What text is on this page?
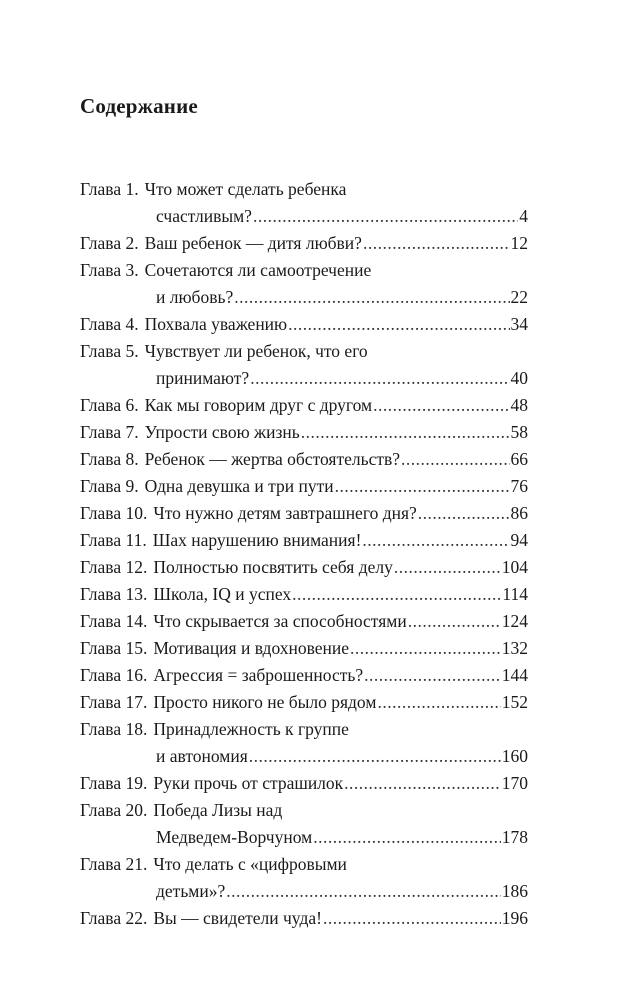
Содержание
Глава 1. Что может сделать ребенка
счастливым? .....	4
Глава 2. Ваш ребенок — дитя любви? .....	12
Глава 3. Сочетаются ли самоотречение
и любовь? .....	22
Глава 4. Похвала уважению .....	34
Глава 5. Чувствует ли ребенок, что его
принимают? .....	40
Глава 6. Как мы говорим друг с другом .....	48
Глава 7. Упрости свою жизнь .....	58
Глава 8. Ребенок — жертва обстоятельств? .....	66
Глава 9. Одна девушка и три пути .....	76
Глава 10. Что нужно детям завтрашнего дня? .....	86
Глава 11. Шах нарушению внимания! .....	94
Глава 12. Полностью посвятить себя делу .....	104
Глава 13. Школа, IQ и успех .....	114
Глава 14. Что скрывается за способностями .....	124
Глава 15. Мотивация и вдохновение .....	132
Глава 16. Агрессия = заброшенность? .....	144
Глава 17. Просто никого не было рядом .....	152
Глава 18. Принадлежность к группе
и автономия .....	160
Глава 19. Руки прочь от страшилок .....	170
Глава 20. Победа Лизы над
Медведем-Ворчуном .....	178
Глава 21. Что делать с «цифровыми
детьми»? .....	186
Глава 22. Вы — свидетели чуда! .....	196
